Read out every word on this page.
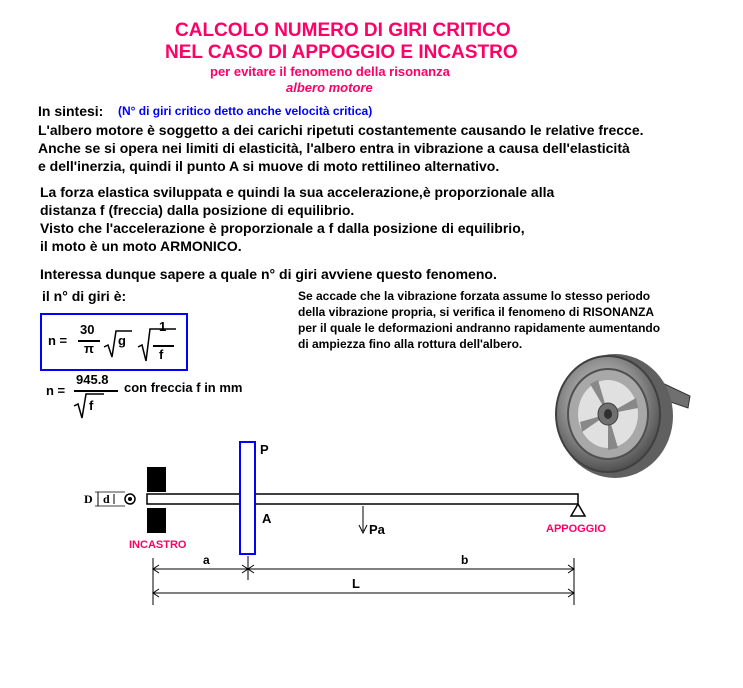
CALCOLO NUMERO DI GIRI CRITICO
NEL CASO DI APPOGGIO E INCASTRO
per evitare il fenomeno della risonanza
albero motore
In sintesi: (N° di giri critico detto anche velocità critica)
L'albero motore è soggetto a dei carichi ripetuti costantemente causando le relative frecce.
Anche se si opera nei limiti di elasticità, l'albero entra in vibrazione a causa dell'elasticità
e dell'inerzia, quindi il punto A si muove di moto rettilineo alternativo.
La forza elastica sviluppata e quindi la sua accelerazione,è proporzionale alla
distanza f (freccia) dalla posizione di equilibrio.
Visto che l'accelerazione è proporzionale a f dalla posizione di equilibrio,
il moto è un moto ARMONICO.
Interessa dunque sapere a quale n° di giri avviene questo fenomeno.
il n° di giri è:	Se accade che la vibrazione forzata assume lo stesso periodo
della vibrazione propria, si verifica il fenomeno di RISONANZA
per il quale le deformazioni andranno rapidamente aumentando
di ampiezza fino alla rottura dell'albero.
n =
30
π
g
1
f
n =
945.8
f
con freccia f in mm
P
A
Pa
D d
INCASTRO
APPOGGIO
a	b
L
